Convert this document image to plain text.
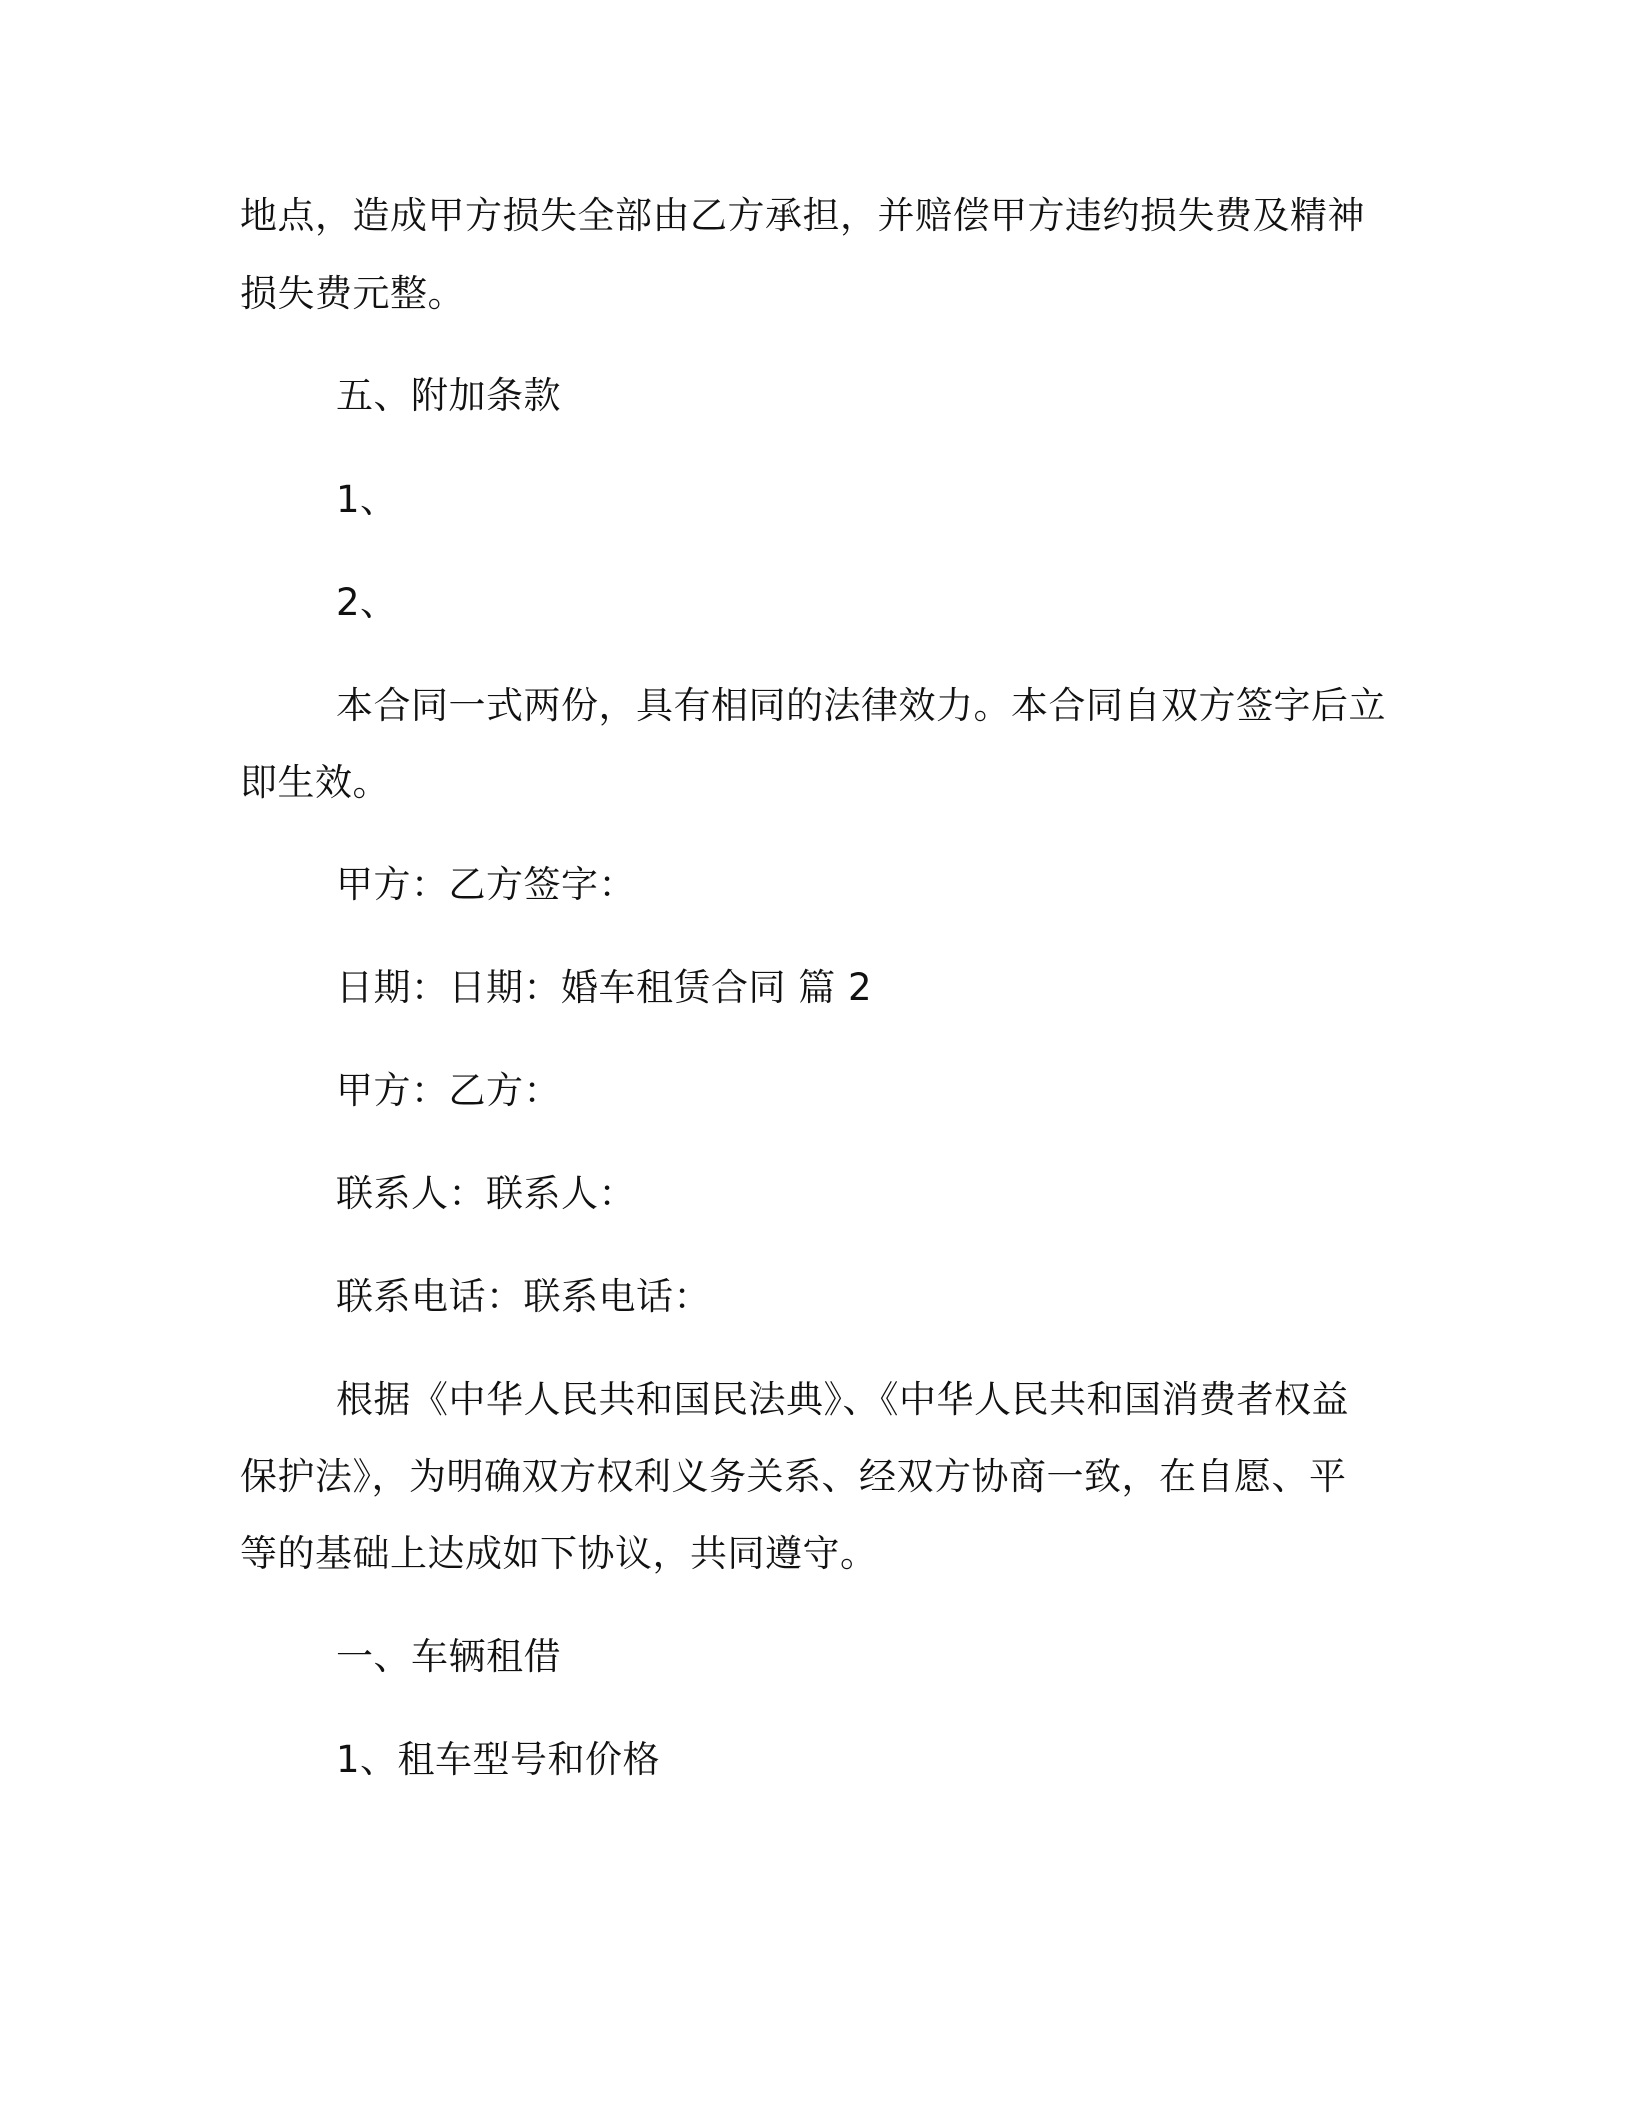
地点，造成甲方损失全部由乙方承担，并赔偿甲方违约损失费及精神
损失费元整。
五、附加条款
1、
2、
本合同一式两份，具有相同的法律效力。本合同自双方签字后立
即生效。
甲方：乙方签字：
日期：日期：婚车租赁合同 篇 2
甲方：乙方：
联系人：联系人：
联系电话：联系电话：
根据《中华人民共和国民法典》、《中华人民共和国消费者权益
保护法》，为明确双方权利义务关系、经双方协商一致，在自愿、平
等的基础上达成如下协议，共同遵守。
一、车辆租借
1、租车型号和价格
